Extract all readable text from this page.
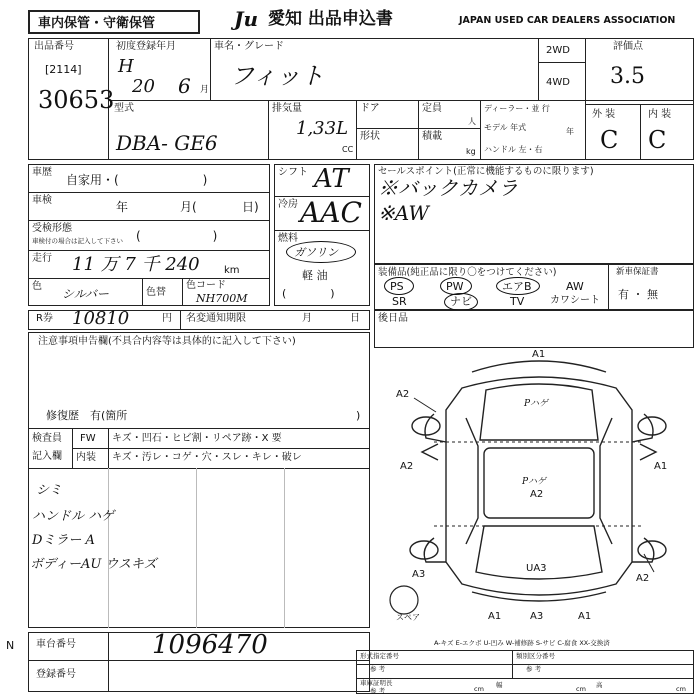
車内保管・守衛保管	Ju 愛知 出品申込書	JAPAN USED CAR DEALERS ASSOCIATION
出品番号
[2114]
30653
初度登録年月
H
20 6 月
車名・グレード
フィット
2WD
4WD
評価点
3.5
型式
DBA- GE6
排気量
1,33L
CC
ドア
形状
定員
人
積載
kg
ディーラー・並 行
モデル 年式	年
ハンドル 左・右
外 装	内 装
C C
車歴
自家用・(　　　　　　　)
車検	年	月(	日)
受検形態
車検付の場合は記入して下さい (　　　　　　)
走行 11 万 7 千 240 km
色
シルバー	色替
色コード
NH700M
シフト AT
冷房 AAC
燃料
ガソリン
軽 油
(　　　　)
セールスポイント(正常に機能するものに限ります)
※バックカメラ
※AW
装備品(純正品に限り〇をつけてください)
PS	PW	エアB	AW
SR	ナビ	TV	カワシート
新車保証書
有 ・ 無
R券 10810	円 名変通知期限	月	日 後日品
注意事項申告欄(不具合内容等は具体的に記入して下さい)
修復歴　有(箇所	)
検査員
記入欄
FW キズ・凹石・ヒビ割・リペア跡・X 要
内装 キズ・汚レ・コゲ・穴・スレ・キレ・破レ
シミ
ハンドル ハゲ
Dミラー A
ボディーAU ウスキズ
A1
A2
A2	A1
A3	A2
A1	A3	A1
Pハゲ
Pハゲ
A2
UA3
スペア
A-キズ E-エクボ U-凹み W-補修跡 S-サビ C-腐食 XX-交換済
N 車台番号	1096470
登録番号
形式指定番号
参 考
類別区分番号
参 考
車庫証明長
参 考	cm 幅	cm 高	cm
